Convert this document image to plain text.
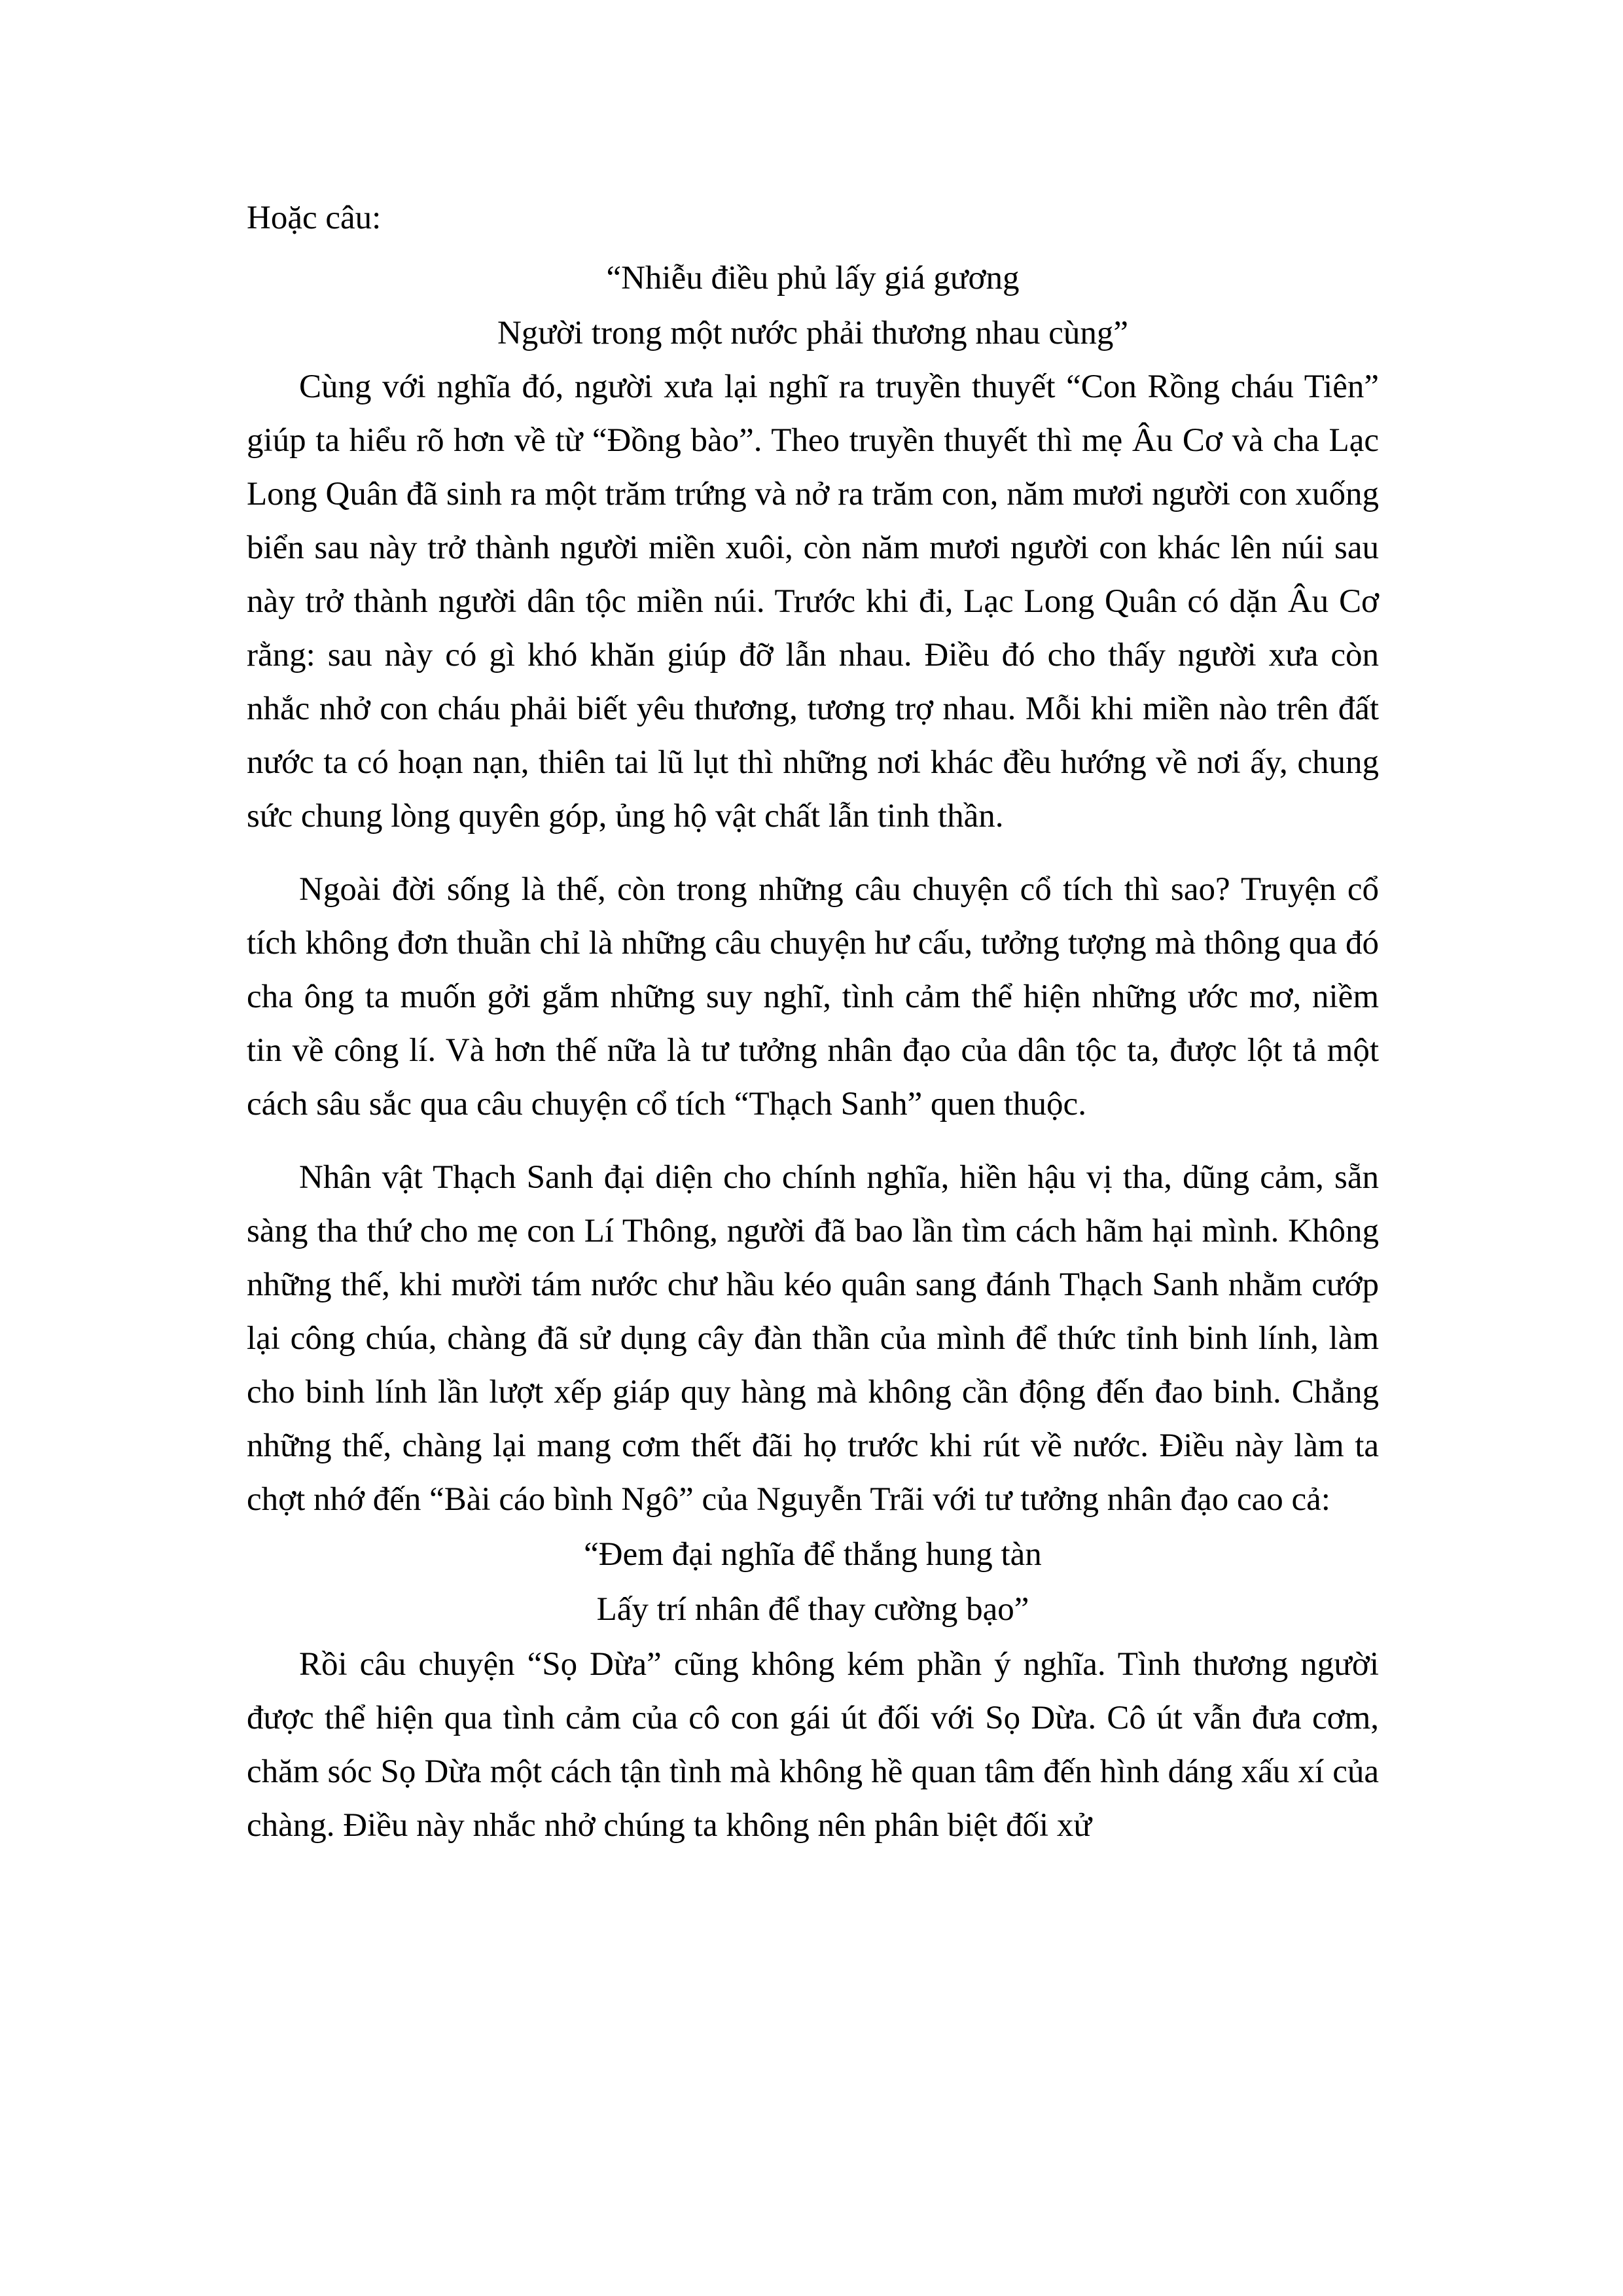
Hoặc câu:

“Nhiễu điều phủ lấy giá gương

Người trong một nước phải thương nhau cùng”

Cùng với nghĩa đó, người xưa lại nghĩ ra truyền thuyết “Con Rồng cháu Tiên” giúp ta hiểu rõ hơn về từ “Đồng bào”. Theo truyền thuyết thì mẹ Âu Cơ và cha Lạc Long Quân đã sinh ra một trăm trứng và nở ra trăm con, năm mươi người con xuống biển sau này trở thành người miền xuôi, còn năm mươi người con khác lên núi sau này trở thành người dân tộc miền núi. Trước khi đi, Lạc Long Quân có dặn Âu Cơ rằng: sau này có gì khó khăn giúp đỡ lẫn nhau. Điều đó cho thấy người xưa còn nhắc nhở con cháu phải biết yêu thương, tương trợ nhau. Mỗi khi miền nào trên đất nước ta có hoạn nạn, thiên tai lũ lụt thì những nơi khác đều hướng về nơi ấy, chung sức chung lòng quyên góp, ủng hộ vật chất lẫn tinh thần.

Ngoài đời sống là thế, còn trong những câu chuyện cổ tích thì sao? Truyện cổ tích không đơn thuần chỉ là những câu chuyện hư cấu, tưởng tượng mà thông qua đó cha ông ta muốn gởi gắm những suy nghĩ, tình cảm thể hiện những ước mơ, niềm tin về công lí. Và hơn thế nữa là tư tưởng nhân đạo của dân tộc ta, được lột tả một cách sâu sắc qua câu chuyện cổ tích “Thạch Sanh” quen thuộc.

Nhân vật Thạch Sanh đại diện cho chính nghĩa, hiền hậu vị tha, dũng cảm, sẵn sàng tha thứ cho mẹ con Lí Thông, người đã bao lần tìm cách hãm hại mình. Không những thế, khi mười tám nước chư hầu kéo quân sang đánh Thạch Sanh nhằm cướp lại công chúa, chàng đã sử dụng cây đàn thần của mình để thức tỉnh binh lính, làm cho binh lính lần lượt xếp giáp quy hàng mà không cần động đến đao binh. Chẳng những thế, chàng lại mang cơm thết đãi họ trước khi rút về nước. Điều này làm ta chợt nhớ đến “Bài cáo bình Ngô” của Nguyễn Trãi với tư tưởng nhân đạo cao cả:

“Đem đại nghĩa để thắng hung tàn

Lấy trí nhân để thay cường bạo”

Rồi câu chuyện “Sọ Dừa” cũng không kém phần ý nghĩa. Tình thương người được thể hiện qua tình cảm của cô con gái út đối với Sọ Dừa. Cô út vẫn đưa cơm, chăm sóc Sọ Dừa một cách tận tình mà không hề quan tâm đến hình dáng xấu xí của chàng. Điều này nhắc nhở chúng ta không nên phân biệt đối xử
